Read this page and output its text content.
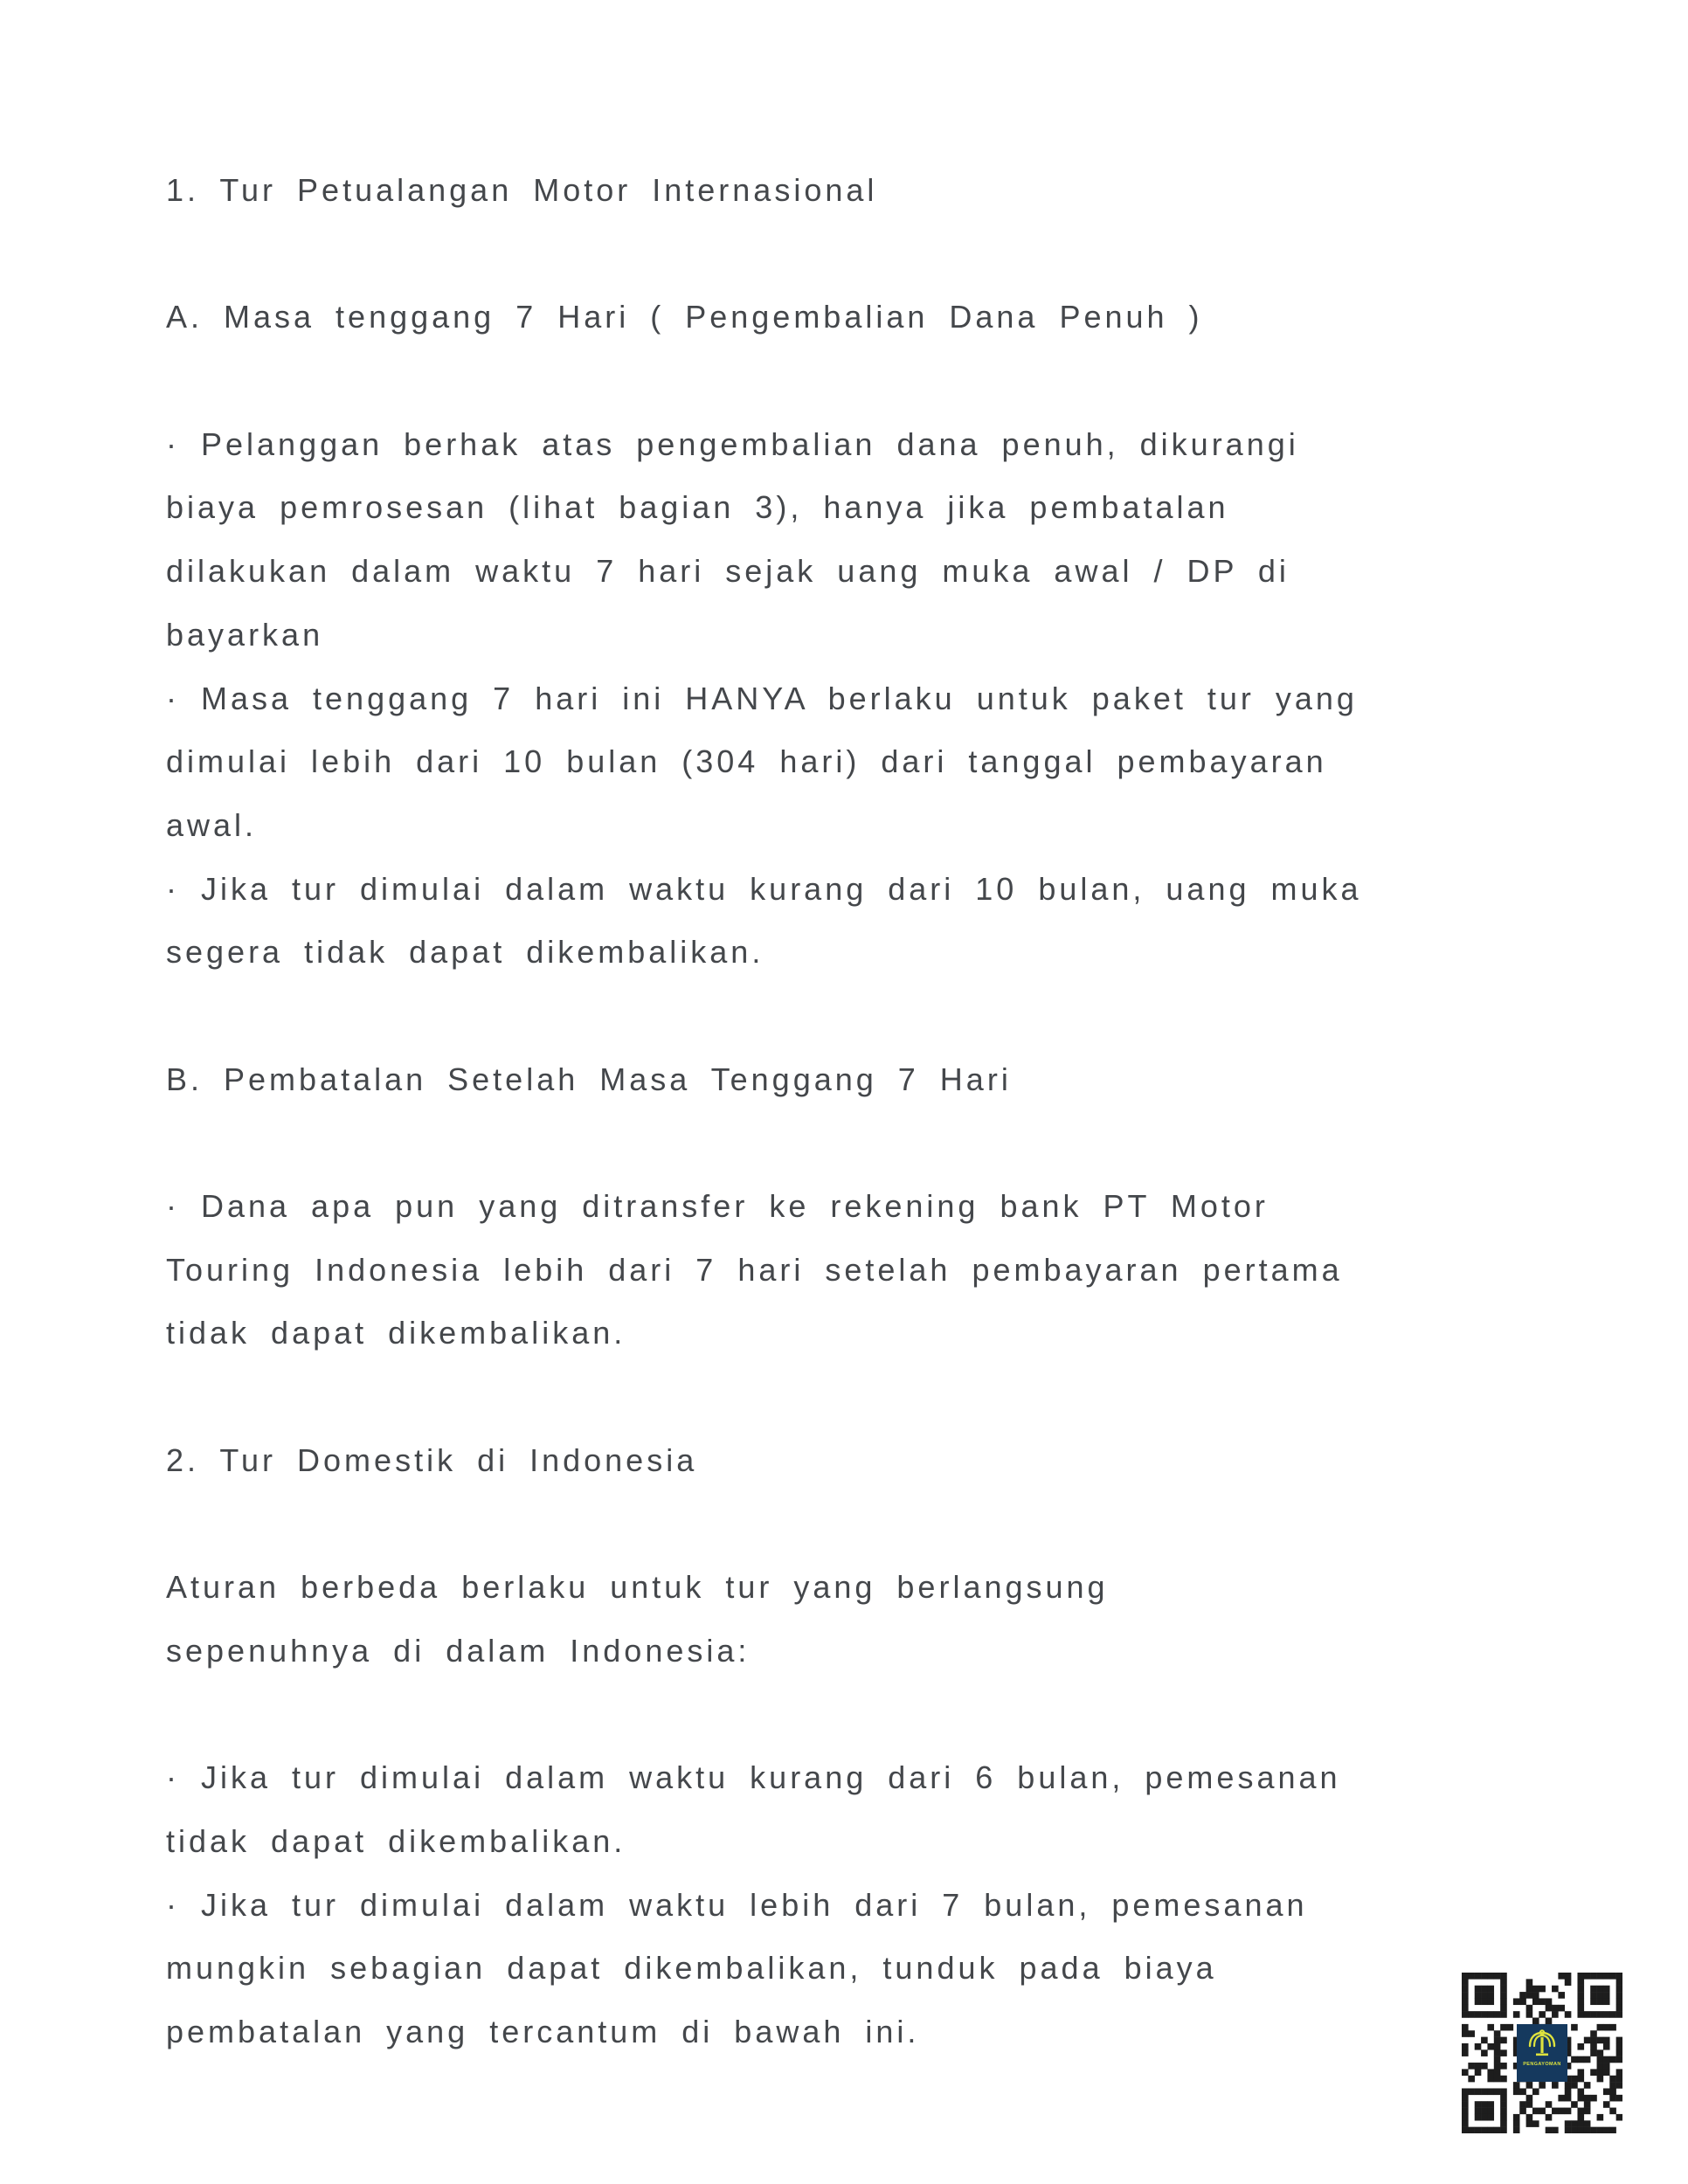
1. Tur Petualangan Motor Internasional
A. Masa tenggang 7 Hari ( Pengembalian Dana Penuh )
· Pelanggan berhak atas pengembalian dana penuh, dikurangi
biaya pemrosesan (lihat bagian 3), hanya jika pembatalan
dilakukan dalam waktu 7 hari sejak uang muka awal / DP di
bayarkan
· Masa tenggang 7 hari ini HANYA berlaku untuk paket tur yang
dimulai lebih dari 10 bulan (304 hari) dari tanggal pembayaran
awal.
· Jika tur dimulai dalam waktu kurang dari 10 bulan, uang muka
segera tidak dapat dikembalikan.
B. Pembatalan Setelah Masa Tenggang 7 Hari
· Dana apa pun yang ditransfer ke rekening bank PT Motor
Touring Indonesia lebih dari 7 hari setelah pembayaran pertama
tidak dapat dikembalikan.
2. Tur Domestik di Indonesia
Aturan berbeda berlaku untuk tur yang berlangsung
sepenuhnya di dalam Indonesia:
· Jika tur dimulai dalam waktu kurang dari 6 bulan, pemesanan
tidak dapat dikembalikan.
· Jika tur dimulai dalam waktu lebih dari 7 bulan, pemesanan
mungkin sebagian dapat dikembalikan, tunduk pada biaya
pembatalan yang tercantum di bawah ini.
PENGAYOMAN
